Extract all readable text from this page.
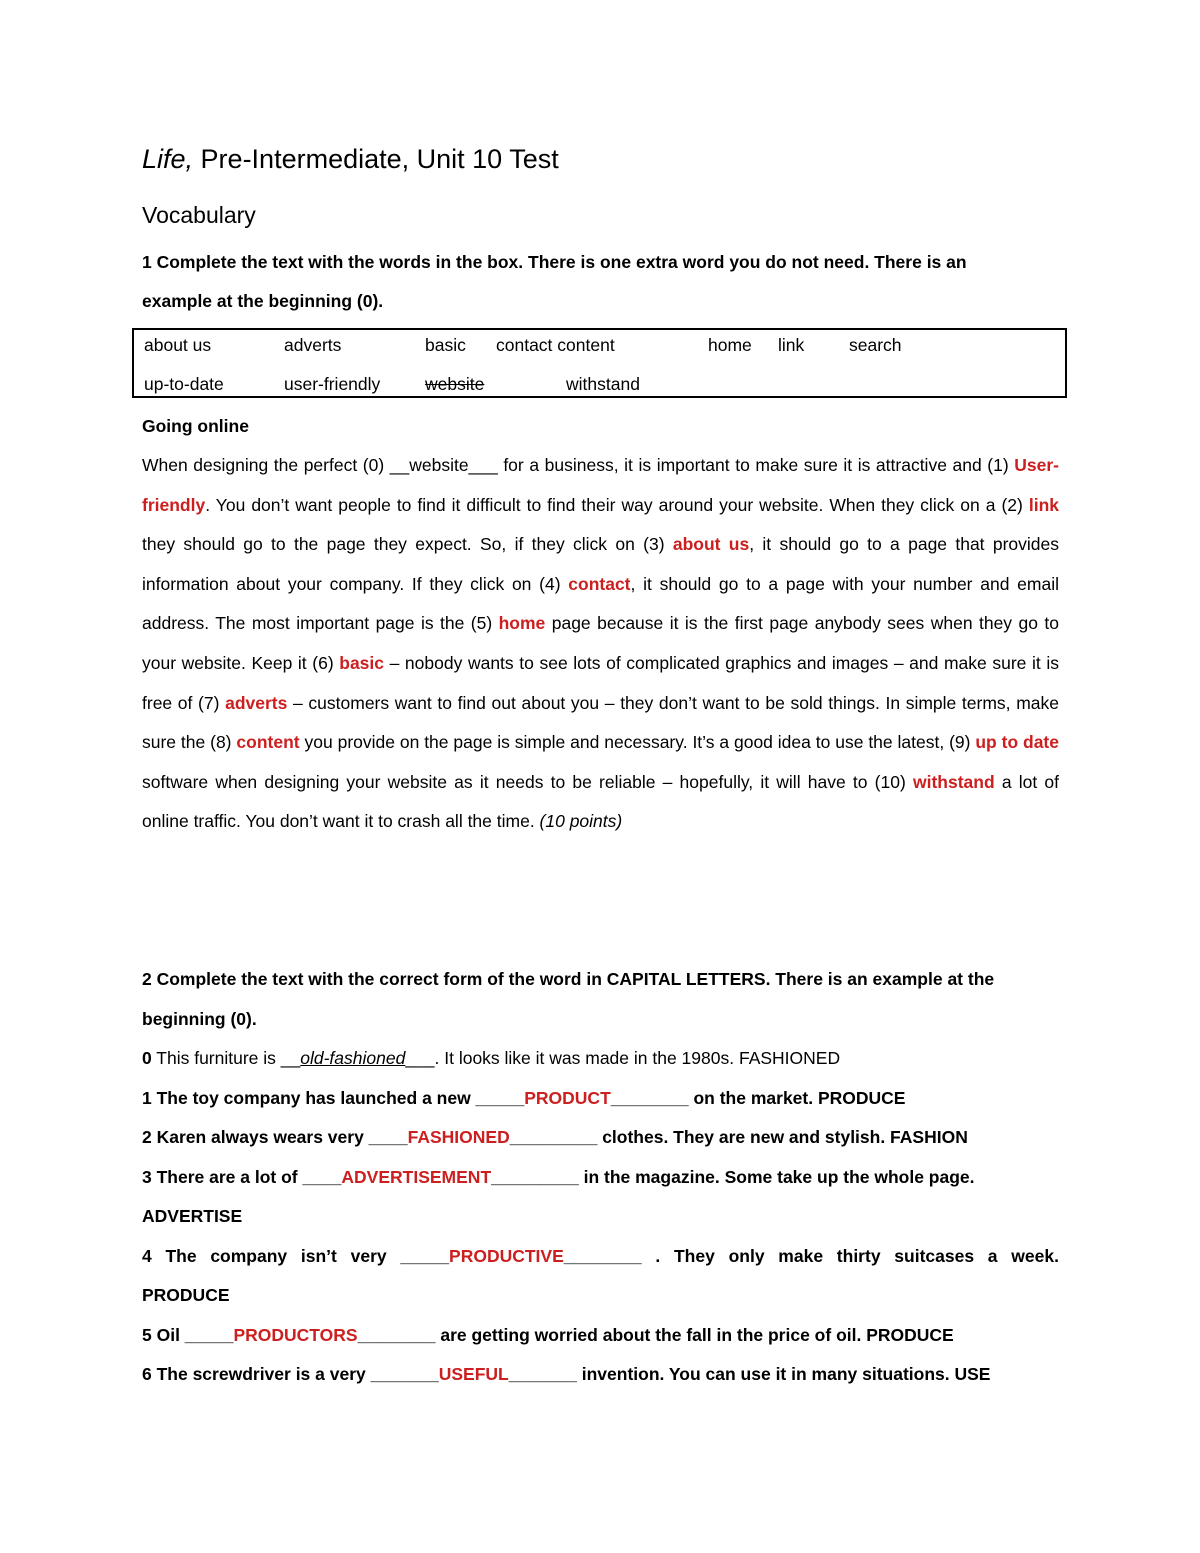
Life, Pre-Intermediate, Unit 10 Test
Vocabulary
1 Complete the text with the words in the box. There is one extra word you do not need. There is an
example at the beginning (0).
about us	adverts	basic contact content	home link	search
up-to-date	user-friendly	website	withstand
Going online

When designing the perfect (0) __website___ for a business, it is important to make sure it is attractive and (1) User-friendly. You don’t want people to find it difficult to find their way around your website. When they click on a (2) link they should go to the page they expect. So, if they click on (3) about us, it should go to a page that provides information about your company. If they click on (4) contact, it should go to a page with your number and email address. The most important page is the (5) home page because it is the first page anybody sees when they go to your website. Keep it (6) basic – nobody wants to see lots of complicated graphics and images – and make sure it is free of (7) adverts – customers want to find out about you – they don’t want to be sold things. In simple terms, make sure the (8) content you provide on the page is simple and necessary. It’s a good idea to use the latest, (9) up to date software when designing your website as it needs to be reliable – hopefully, it will have to (10) withstand a lot of online traffic. You don’t want it to crash all the time. (10 points)

2 Complete the text with the correct form of the word in CAPITAL LETTERS. There is an example at the
beginning (0).
0 This furniture is __old-fashioned___. It looks like it was made in the 1980s. FASHIONED
1 The toy company has launched a new _____PRODUCT________ on the market. PRODUCE
2 Karen always wears very ____FASHIONED_________ clothes. They are new and stylish. FASHION
3 There are a lot of ____ADVERTISEMENT_________ in the magazine. Some take up the whole page.
ADVERTISE
4 The company isn’t very _____PRODUCTIVE________ . They only make thirty suitcases a week.
PRODUCE
5 Oil _____PRODUCTORS________ are getting worried about the fall in the price of oil. PRODUCE
6 The screwdriver is a very _______USEFUL_______ invention. You can use it in many situations. USE
